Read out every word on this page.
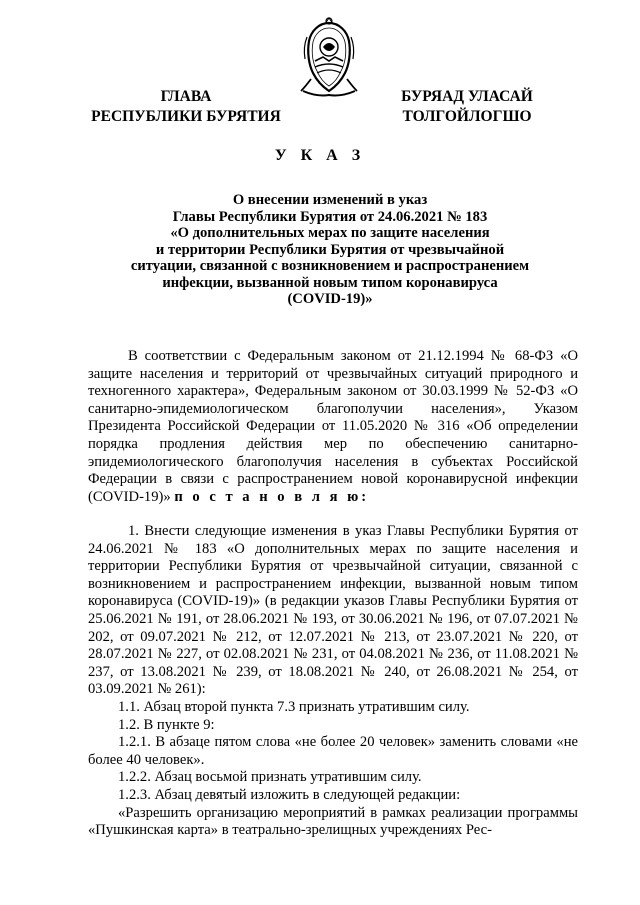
ГЛАВА
РЕСПУБЛИКИ БУРЯТИЯ
БУРЯАД УЛАСАЙ
ТОЛГОЙЛОГШО
У К А З
О внесении изменений в указ
Главы Республики Бурятия от 24.06.2021 № 183
«О дополнительных мерах по защите населения
и территории Республики Бурятия от чрезвычайной
ситуации, связанной с возникновением и распространением
инфекции, вызванной новым типом коронавируса
(COVID-19)»

В соответствии с Федеральным законом от 21.12.1994 № 68-ФЗ «О защите населения и территорий от чрезвычайных ситуаций природного и техногенного характера», Федеральным законом от 30.03.1999 № 52-ФЗ «О санитарно-эпидемиологическом благополучии населения», Указом Президента Российской Федерации от 11.05.2020 № 316 «Об определении порядка продления действия мер по обеспечению санитарно-эпидемиологического благополучия населения в субъектах Российской Федерации в связи с распространением новой коронавирусной инфекции (COVID-19)» п о с т а н о в л я ю:

1. Внести следующие изменения в указ Главы Республики Бурятия от 24.06.2021 № 183 «О дополнительных мерах по защите населения и территории Республики Бурятия от чрезвычайной ситуации, связанной с возникновением и распространением инфекции, вызванной новым типом коронавируса (COVID-19)» (в редакции указов Главы Республики Бурятия от 25.06.2021 № 191, от 28.06.2021 № 193, от 30.06.2021 № 196, от 07.07.2021 № 202, от 09.07.2021 № 212, от 12.07.2021 № 213, от 23.07.2021 № 220, от 28.07.2021 № 227, от 02.08.2021 № 231, от 04.08.2021 № 236, от 11.08.2021 № 237, от 13.08.2021 № 239, от 18.08.2021 № 240, от 26.08.2021 № 254, от 03.09.2021 № 261):

1.1. Абзац второй пункта 7.3 признать утратившим силу.

1.2. В пункте 9:

1.2.1. В абзаце пятом слова «не более 20 человек» заменить словами «не более 40 человек».

1.2.2. Абзац восьмой признать утратившим силу.

1.2.3. Абзац девятый изложить в следующей редакции:

«Разрешить организацию мероприятий в рамках реализации программы «Пушкинская карта» в театрально-зрелищных учреждениях Рес-
